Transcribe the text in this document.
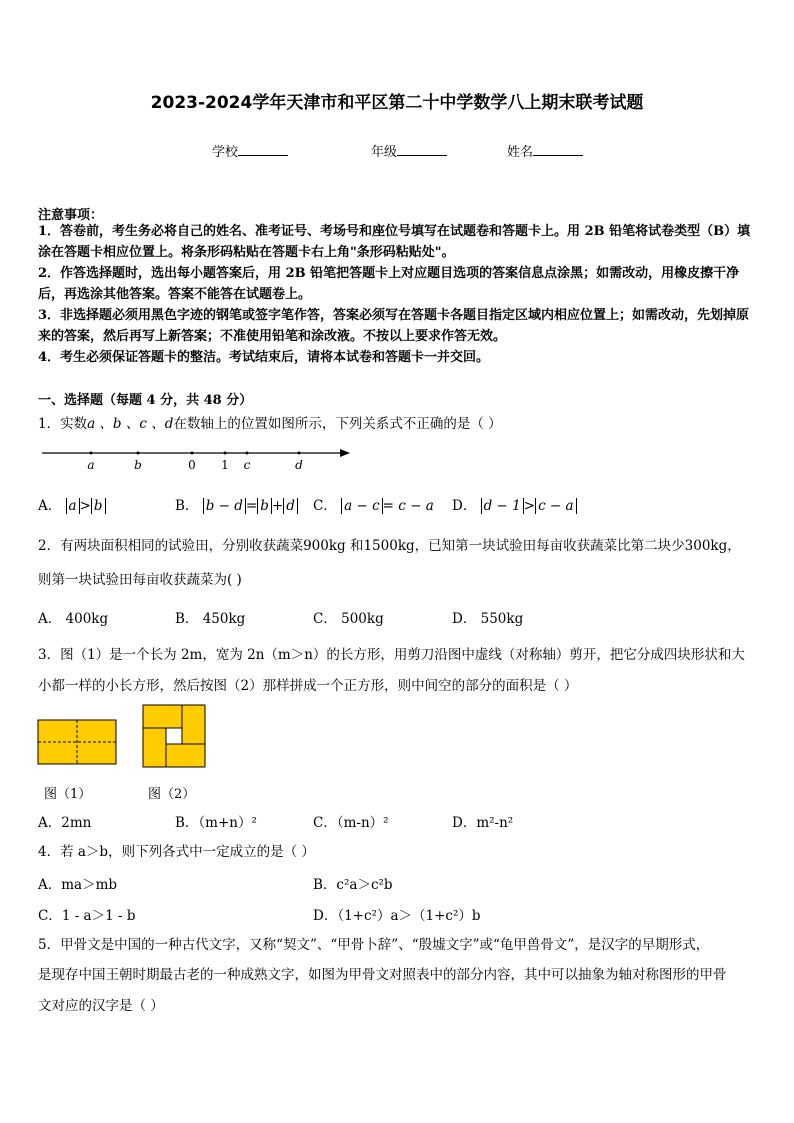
2023-2024学年天津市和平区第二十中学数学八上期末联考试题
学校	年级	姓名
注意事项：
1．答卷前，考生务必将自己的姓名、准考证号、考场号和座位号填写在试题卷和答题卡上。用 2B 铅笔将试卷类型（B）填涂在答题卡相应位置上。将条形码粘贴在答题卡右上角"条形码粘贴处"。
2．作答选择题时，选出每小题答案后，用 2B 铅笔把答题卡上对应题目选项的答案信息点涂黑；如需改动，用橡皮擦干净后，再选涂其他答案。答案不能答在试题卷上。
3．非选择题必须用黑色字迹的钢笔或签字笔作答，答案必须写在答题卡各题目指定区域内相应位置上；如需改动，先划掉原来的答案，然后再写上新答案；不准使用铅笔和涂改液。不按以上要求作答无效。
4．考生必须保证答题卡的整洁。考试结束后，请将本试卷和答题卡一并交回。
一、选择题（每题 4 分，共 48 分）
1．实数a 、b 、c 、d在数轴上的位置如图所示，下列关系式不正确的是（ ）
a	b	0 1 c	d
A． a > b	B． b − d = b + d C． a − c = c − a D． d − 1 > c − a
2．有两块面积相同的试验田，分别收获蔬菜900kg 和1500kg，已知第一块试验田每亩收获蔬菜比第二块少300kg，
则第一块试验田每亩收获蔬菜为( )
A． 400kg	B． 450kg	C． 500kg	D． 550kg
3．图（1）是一个长为 2m，宽为 2n（m＞n）的长方形，用剪刀沿图中虚线（对称轴）剪开，把它分成四块形状和大
小都一样的小长方形，然后按图（2）那样拼成一个正方形，则中间空的部分的面积是（ ）
图（1）	图（2）
A．2mn	B．（m+n）²	C．（m-n）²	D．m²-n²
4．若 a＞b，则下列各式中一定成立的是（ ）
A．ma＞mb	B．c²a＞c²b
C．1 - a＞1 - b	D．（1+c²）a＞（1+c²）b
5．甲骨文是中国的一种古代文字，又称“契文”、“甲骨卜辞”、“殷墟文字”或“龟甲兽骨文”，是汉字的早期形式，
是现存中国王朝时期最古老的一种成熟文字，如图为甲骨文对照表中的部分内容，其中可以抽象为轴对称图形的甲骨
文对应的汉字是（ ）
